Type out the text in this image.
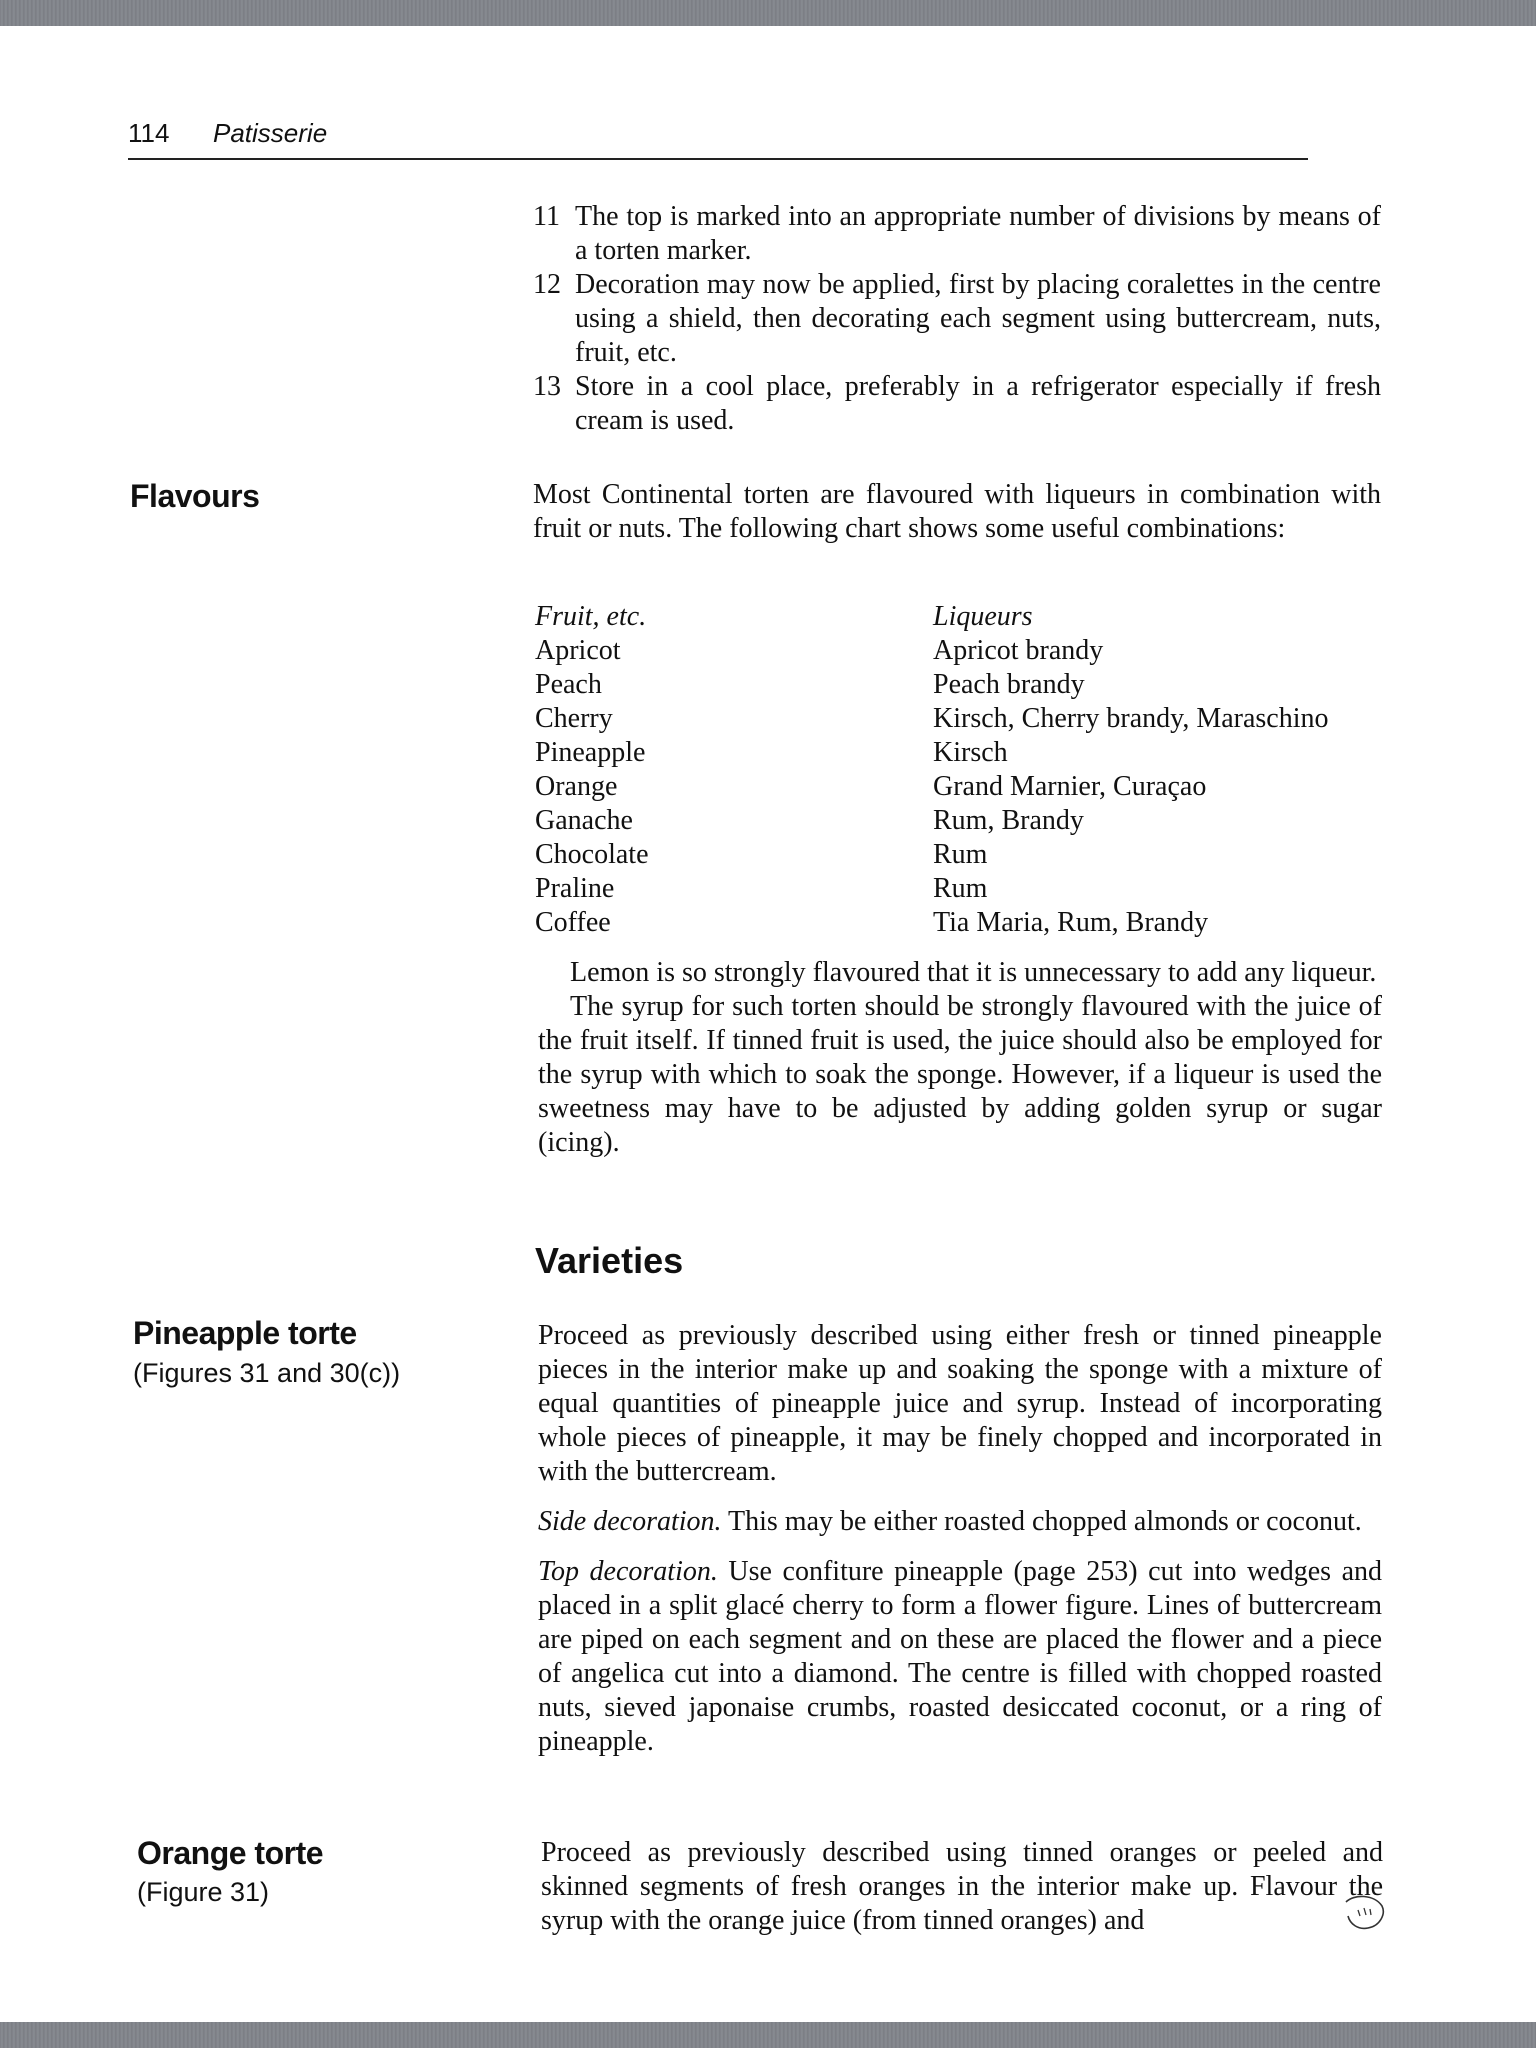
114 Patisserie
11 The top is marked into an appropriate number of divisions by means of a torten marker.
12 Decoration may now be applied, first by placing coralettes in the centre using a shield, then decorating each segment using buttercream, nuts, fruit, etc.
13 Store in a cool place, preferably in a refrigerator especially if fresh cream is used.
Flavours	Most Continental torten are flavoured with liqueurs in combination with fruit or nuts. The following chart shows some useful combinations:
Fruit, etc.	Liqueurs
Apricot	Apricot brandy
Peach	Peach brandy
Cherry	Kirsch, Cherry brandy, Maraschino
Pineapple	Kirsch
Orange	Grand Marnier, Curaçao
Ganache	Rum, Brandy
Chocolate	Rum
Praline	Rum
Coffee	Tia Maria, Rum, Brandy
Lemon is so strongly flavoured that it is unnecessary to add any liqueur.
The syrup for such torten should be strongly flavoured with the juice of the fruit itself. If tinned fruit is used, the juice should also be employed for the syrup with which to soak the sponge. However, if a liqueur is used the sweetness may have to be adjusted by adding golden syrup or sugar (icing).
Varieties
Pineapple torte
(Figures 31 and 30(c))
Proceed as previously described using either fresh or tinned pineapple pieces in the interior make up and soaking the sponge with a mixture of equal quantities of pineapple juice and syrup. Instead of incorporating whole pieces of pineapple, it may be finely chopped and incorporated in with the buttercream.
Side decoration. This may be either roasted chopped almonds or coconut.
Top decoration. Use confiture pineapple (page 253) cut into wedges and placed in a split glacé cherry to form a flower figure. Lines of buttercream are piped on each segment and on these are placed the flower and a piece of angelica cut into a diamond. The centre is filled with chopped roasted nuts, sieved japonaise crumbs, roasted desiccated coconut, or a ring of pineapple.
Orange torte
(Figure 31)
Proceed as previously described using tinned oranges or peeled and skinned segments of fresh oranges in the interior make up. Flavour the syrup with the orange juice (from tinned oranges) and
